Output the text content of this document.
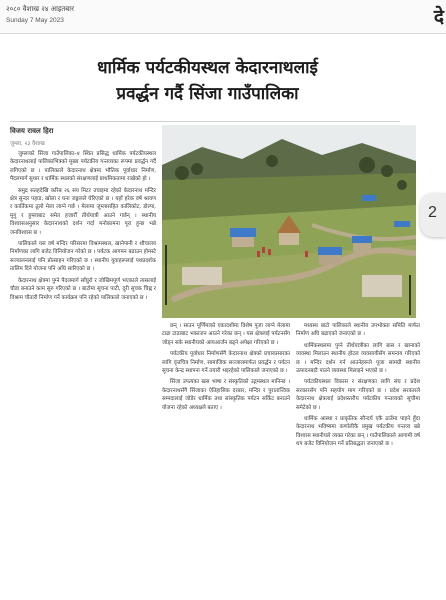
२०८० वैशाख २४ आइतबार
Sunday 7 May 2023	दे
धार्मिक पर्यटकीयस्थल केदारनाथलाई
प्रवर्द्धन गर्दै सिंजा गाउँपालिका
विजय रावल हिरा
जुम्ला, २३ वैशाख

जुम्लाको सिंजा गाउँपालिका–४ स्थित प्रसिद्ध धार्मिक पर्यटकीयस्थल केदारनाथलाई पालिकाभित्रको मुख्य पर्यटकीय गन्तव्यका रूपमा प्रवर्द्धन गर्दै लगिएको छ । पालिकाले केदारनाथ क्षेत्रमा भौतिक पूर्वाधार निर्माण, पैदलमार्ग सुधार र धार्मिक स्थलको संरक्षणलाई प्राथमिकतामा राखेको हो ।

समुद्र सतहदेखि करिब २६ सय मिटर उचाइमा रहेको केदारनाथ मन्दिर क्षेत्र सुन्दर पहाड, खोला र घना जङ्गलले घेरिएको छ । यहाँ हरेक वर्ष श्रावण र कार्तिकमा ठूलो मेला लाग्ने गर्छ । मेलामा जुम्लासहित कालिकोट, डोल्पा, मुगु र हुम्लाबाट समेत हजारौँ तीर्थयात्री आउने गर्छन् । स्थानीय विश्वासअनुसार केदारनाथको दर्शन गर्दा मनोकामना पूरा हुन्छ भन्ने जनविश्वास छ ।

पालिकाले यस वर्ष मन्दिर परिसरमा विश्रामस्थल, खानेपानी र शौचालय निर्माणका लागि बजेट विनियोजन गरेको छ । पर्यटक आगमन बढाउन होमस्टे सञ्चालनलाई पनि प्रोत्साहन गरिएको छ । स्थानीय युवाहरूलाई पथप्रदर्शक तालिम दिने योजना पनि अघि सारिएको छ ।

केदारनाथ क्षेत्रमा पुग्ने पैदलमार्ग साँघुरो र जोखिमपूर्ण भएकाले त्यसलाई चौडा बनाउने काम सुरु गरिएको छ । बाटोमा सूचना पाटी, दूरी सूचक चिह्न र विश्राम चौतारी निर्माण गर्ने कार्यक्रम पनि रहेको पालिकाले जनाएको छ ।

छन् । साउन पूर्णिमाको एकादशीमा विशेष पूजा लाग्ने मेलामा टाढा टाढाबाट भक्तजन आउने गरेका छन् । यस क्षेत्रलाई पर्यटनसँग जोड्न सके स्थानीयको आयआर्जन बढ्ने अपेक्षा गरिएको छ ।

पर्यटकीय पूर्वाधार निर्माणसँगै केदारनाथ क्षेत्रको प्रचारप्रसारका लागि वृत्तचित्र निर्माण, सामाजिक सञ्जालमार्फत प्रवर्द्धन र पर्यटन सूचना केन्द्र स्थापना गर्ने तयारी भइरहेको पालिकाले जनाएको छ ।

सिंजा उपत्यका खस भाषा र संस्कृतिको उद्गमस्थल मानिन्छ । केदारनाथसँगै सिंजाका ऐतिहासिक दरबार, मन्दिर र पुरातात्त्विक सम्पदालाई जोडेर धार्मिक तथा सांस्कृतिक पर्यटन सर्किट बनाउने योजना रहेको अध्यक्षले बताए ।

मध्यस्थ बाटो पालिकाले स्थानीय उपभोक्ता समिति मार्फत निर्माण अघि बढाएको जनाएको छ ।

धार्मिकस्थलमा पुग्ने तीर्थयात्रीका लागि बास र खानाको व्यवस्था मिलाउन स्थानीय होटल व्यवसायीसँग समन्वय गरिएको छ । मन्दिर दर्शन गर्न आउनेहरूले पूजा सामग्री स्थानीय उत्पादनबाटै पाउने व्यवस्था मिलाइने भएको छ ।

पर्यटकीयस्थल विकास र संरक्षणका लागि संघ र प्रदेश सरकारसँग पनि सहयोग माग गरिएको छ । प्रदेश सरकारले केदारनाथ क्षेत्रलाई प्रदेशस्तरीय पर्यटकीय गन्तव्यको सूचीमा समेटेको छ ।

धार्मिक आस्था र प्राकृतिक सौन्दर्य एकै ठाउँमा पाइने हुँदा केदारनाथ भविष्यमा कर्णालीकै प्रमुख पर्यटकीय गन्तव्य बन्ने विश्वास स्थानीयले व्यक्त गरेका छन् । गाउँपालिकाले आगामी वर्ष थप बजेट विनियोजन गर्ने प्रतिबद्धता जनाएको छ ।

2
